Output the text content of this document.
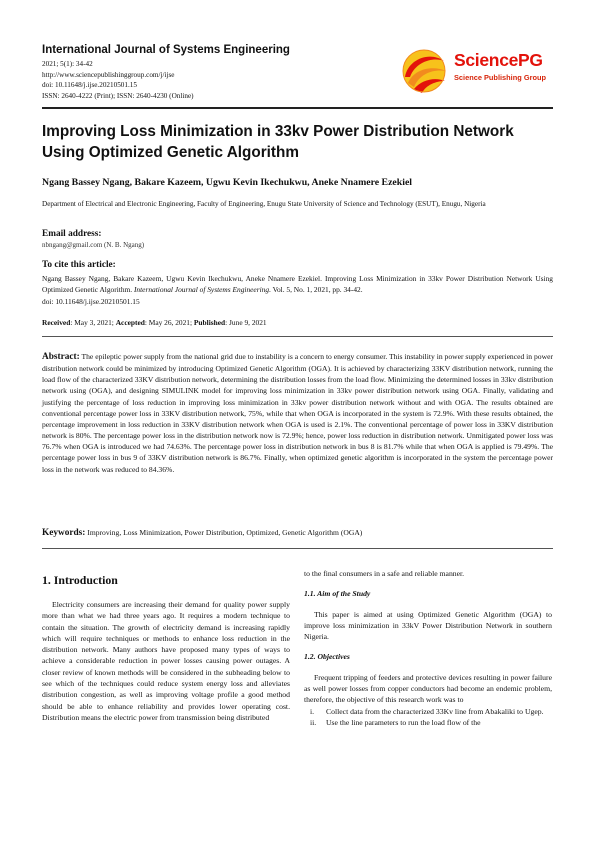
International Journal of Systems Engineering
2021; 5(1): 34-42
http://www.sciencepublishinggroup.com/j/ijse
doi: 10.11648/j.ijse.20210501.15
ISSN: 2640-4222 (Print); ISSN: 2640-4230 (Online)
SciencePG
Science Publishing Group
Improving Loss Minimization in 33kv Power Distribution Network Using Optimized Genetic Algorithm
Ngang Bassey Ngang, Bakare Kazeem, Ugwu Kevin Ikechukwu, Aneke Nnamere Ezekiel
Department of Electrical and Electronic Engineering, Faculty of Engineering, Enugu State University of Science and Technology (ESUT), Enugu, Nigeria
Email address:
nbngang@gmail.com (N. B. Ngang)
To cite this article:
Ngang Bassey Ngang, Bakare Kazeem, Ugwu Kevin Ikechukwu, Aneke Nnamere Ezekiel. Improving Loss Minimization in 33kv Power Distribution Network Using Optimized Genetic Algorithm. International Journal of Systems Engineering. Vol. 5, No. 1, 2021, pp. 34-42.
doi: 10.11648/j.ijse.20210501.15
Received: May 3, 2021; Accepted: May 26, 2021; Published: June 9, 2021
Abstract: The epileptic power supply from the national grid due to instability is a concern to energy consumer. This instability in power supply experienced in power distribution network could be minimized by introducing Optimized Genetic Algorithm (OGA). It is achieved by characterizing 33KV distribution network, running the load flow of the characterized 33KV distribution network, determining the distribution losses from the load flow. Minimizing the determined losses in 33kv distribution network using (OGA), and designing SIMULINK model for improving loss minimization in 33kv power distribution network using OGA. Finally, validating and justifying the percentage of loss reduction in improving loss minimization in 33kv power distribution network without and with OGA. The results obtained are conventional percentage power loss in 33KV distribution network, 75%, while that when OGA is incorporated in the system is 72.9%. With these results obtained, the percentage improvement in loss reduction in 33KV distribution network when OGA is used is 2.1%. The conventional percentage of power loss in 33KV distribution network is 80%. The percentage power loss in the distribution network now is 72.9%; hence, power loss reduction in distribution network. Unmitigated power loss was 76.7% when OGA is introduced we had 74.63%. The percentage power loss in distribution network in bus 8 is 81.7% while that when OGA is applied is 79.49%. The percentage power loss in bus 9 of 33KV distribution network is 86.7%. Finally, when optimized genetic algorithm is incorporated in the system the percentage power loss in the network was reduced to 84.36%.
Keywords: Improving, Loss Minimization, Power Distribution, Optimized, Genetic Algorithm (OGA)
1. Introduction

Electricity consumers are increasing their demand for quality power supply more than what we had three years ago. It requires a modern technique to contain the situation. The growth of electricity demand is increasing rapidly which will require techniques or methods to enhance loss reduction in the distribution network. Many authors have proposed many types of ways to achieve a considerable reduction in power losses causing power outages. A closer review of known methods will be considered in the subheading below to see which of the techniques could reduce system energy loss and alleviates distribution congestion, as well as improving voltage profile a good method should be able to enhance reliability and provides lower operating cost. Distribution means the electric power from transmission being distributed

to the final consumers in a safe and reliable manner.

1.1. Aim of the Study

This paper is aimed at using Optimized Genetic Algorithm (OGA) to improve loss minimization in 33kV Power Distribution Network in southern Nigeria.

1.2. Objectives

Frequent tripping of feeders and protective devices resulting in power failure as well power losses from copper conductors had become an endemic problem, therefore, the objective of this research work was to

i. Collect data from the characterized 33Kv line from Abakaliki to Ugep.
ii. Use the line parameters to run the load flow of the
